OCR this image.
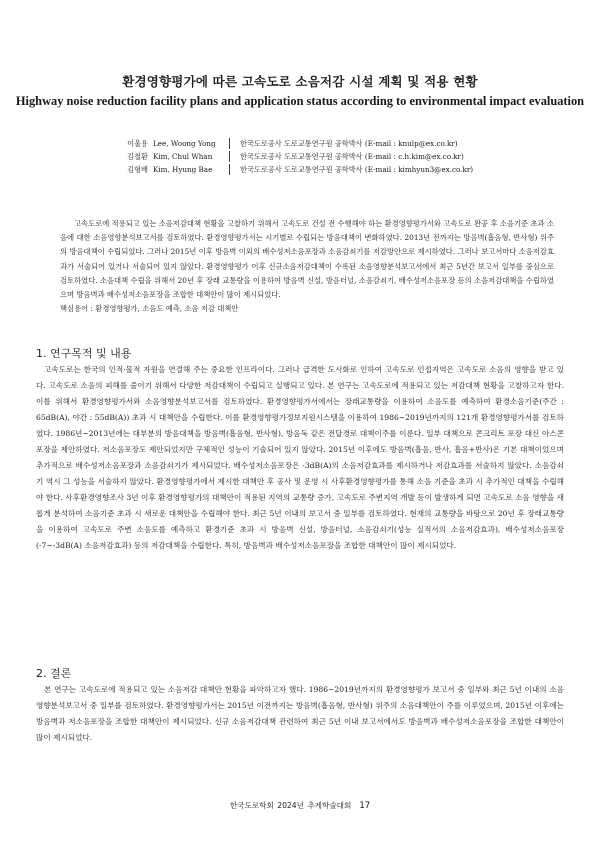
환경영향평가에 따른 고속도로 소음저감 시설 계획 및 적용 현황
Highway noise reduction facility plans and application status according to environmental impact evaluation
이울용 Lee, Woong Yong	한국도로공사 도로교통연구원 공학박사 (E-mail : knulp@ex.co.kr)
김철환 Kim, Chul Whan	한국도로공사 도로교통연구원 공학박사 (E-mail : c.h.kim@ex.co.kr)
김형배 Kim, Hyung Bae	한국도로공사 도로교통연구원 공학박사 (E-mail : kimhyun3@ex.co.kr)

고속도로에 적용되고 있는 소음저감대책 현황을 고찰하기 위해서 고속도로 건설 전 수행해야 하는 환경영향평가서와 고속도로 완공 후 소음기준 초과 소음에 대한 소음영향분석보고서를 검토하였다. 환경영향평가서는 시기별로 수립되는 방음대책이 변화하였다. 2013년 전까지는 방음벽(흡음형, 반사형) 위주의 방음대책이 수립되었다. 그러나 2015년 이후 방음벽 이외의 배수성저소음포장과 소음감쇠기를 저감방안으로 제시하였다. 그러나 보고서마다 소음저감효과가 서술되어 있거나 서술되어 있지 않았다. 환경영향평가 이후 신규소음저감대책이 수록된 소음영향분석보고서에서 최근 5년간 보고서 일부를 중심으로 검토하였다. 소음대책 수립을 위해서 20년 후 장래 교통량을 이용하여 방음벽 신설, 방음터널, 소음감쇠기, 배수성저소음포장 등의 소음저감대책을 수립하였으며 방음벽과 배수성저소음포장을 조합한 대책안이 많이 제시되었다.

핵심용어 : 환경영향평가, 소음도 예측, 소음 저감 대책안
1. 연구목적 및 내용

고속도로는 한국의 인적·물적 자원을 연결해 주는 중요한 인프라이다. 그러나 급격한 도시화로 인하여 고속도로 인접지역은 고속도로 소음의 영향을 받고 있다. 고속도로 소음의 피해를 줄이기 위해서 다양한 저감대책이 수립되고 실행되고 있다. 본 연구는 고속도로에 적용되고 있는 저감대책 현황을 고찰하고자 한다. 이를 위해서 환경영향평가서와 소음영향분석보고서를 검토하였다. 환경영향평가서에서는 장래교통량을 이용하여 소음도를 예측하여 환경소음기준(주간 : 65dB(A), 야간 : 55dB(A)) 초과 시 대책안을 수립한다. 이를 환경영향평가정보지원시스템을 이용하여 1986~2019년까지의 121개 환경영향평가서를 검토하였다. 1986년~2013년에는 대부분의 방음대책을 방음벽(흡음형, 반사형), 방음둑 같은 전달경로 대책이주를 이룬다. 일부 대책으로 콘크리트 포장 대신 아스콘 포장을 제안하였다. 저소음포장도 제안되었지만 구체적인 성능이 기술되어 있지 않았다. 2015년 이후에도 방음벽(흡음, 반사, 흡음+반사)은 기본 대책이었으며 추가적으로 배수성저소음포장과 소음감쇠기가 제시되었다. 배수성저소음포장은 -3dB(A)의 소음저감효과를 제시하거나 저감효과를 서술하지 않았다. 소음감쇠기 역시 그 성능을 서술하지 않았다. 환경영향평가에서 제시한 대책안 후 공사 및 운영 시 사후환경영향평가를 통해 소음 기준을 초과 시 추가적인 대책을 수립해야 한다. 사후환경영향조사 3년 이후 환경영향평가의 대책안이 적용된 지역의 교통량 증가, 고속도로 주변지역 개발 등이 발생하게 되면 고속도로 소음 영향을 새롭게 분석하여 소음기준 초과 시 새로운 대책안을 수립해야 한다. 최근 5년 이내의 보고서 중 일부를 검토하였다. 현재의 교통량을 바탕으로 20년 후 장래교통량을 이용하여 고속도로 주변 소음도를 예측하고 환경기준 초과 시 방음벽 신설, 방음터널, 소음감쇠기(성능 실적서의 소음저감효과), 배수성저소음포장(-7~-3dB(A) 소음저감효과) 등의 저감대책을 수립한다. 특히, 방음벽과 배수성저소음포장을 조합한 대책안이 많이 제시되었다.

2. 결론

본 연구는 고속도로에 적용되고 있는 소음저감 대책안 현황을 파악하고자 했다. 1986~2019년까지의 환경영향평가 보고서 중 일부와 최근 5년 이내의 소음영향분석보고서 중 일부를 검토하였다. 환경영향평가서는 2015년 이전까지는 방음벽(흡음형, 반사형) 위주의 소음대책안이 주를 이루었으며, 2015년 이후에는 방음벽과 저소음포장을 조합한 대책안이 제시되었다. 신규 소음저감대책 관련하여 최근 5년 이내 보고서에서도 방음벽과 배수성저소음포장을 조합한 대책안이 많이 제시되었다.

한국도로학회 2024년 추계학술대회 17
